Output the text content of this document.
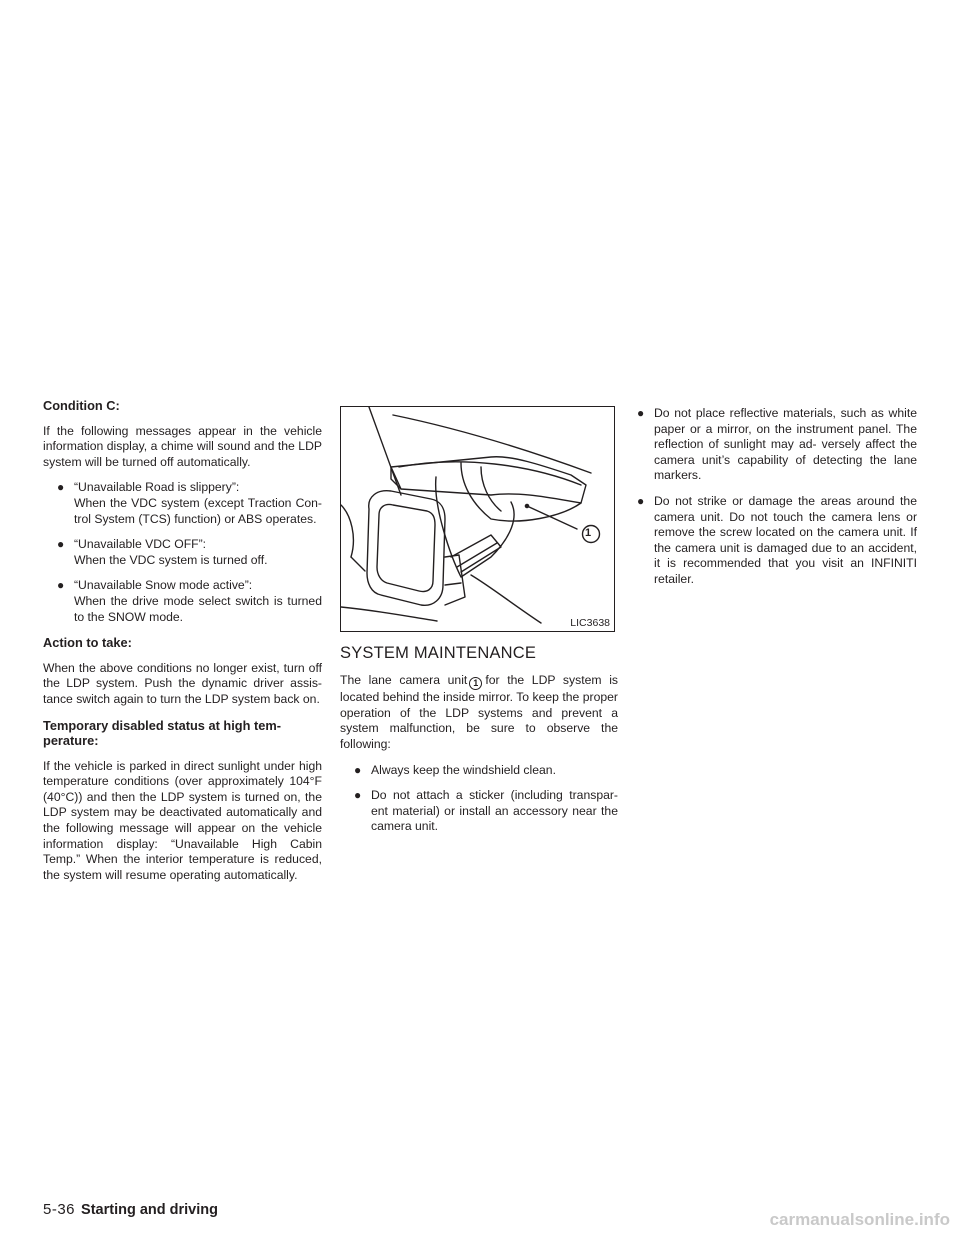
Condition C:

If the following messages appear in the vehicle information display, a chime will sound and the LDP system will be turned off automatically.

● “Unavailable Road is slippery”:
When the VDC system (except Traction Con- trol System (TCS) function) or ABS operates.
● “Unavailable VDC OFF”:
When the VDC system is turned off.
● “Unavailable Snow mode active”:
When the drive mode select switch is turned to the SNOW mode.

Action to take:

When the above conditions no longer exist, turn off the LDP system. Push the dynamic driver assis- tance switch again to turn the LDP system back on.

Temporary disabled status at high tem- perature:

If the vehicle is parked in direct sunlight under high temperature conditions (over approximately 104°F (40°C)) and then the LDP system is turned on, the LDP system may be deactivated automatically and the following message will appear on the vehicle information display: “Unavailable High Cabin Temp.” When the interior temperature is reduced, the system will resume operating automatically.

1
LIC3638
SYSTEM MAINTENANCE

The lane camera unit 1 for the LDP system is located behind the inside mirror. To keep the proper operation of the LDP systems and prevent a system malfunction, be sure to observe the following:

● Always keep the windshield clean.
● Do not attach a sticker (including transpar- ent material) or install an accessory near the camera unit.
● Do not place reflective materials, such as white paper or a mirror, on the instrument panel. The reflection of sunlight may ad- versely affect the camera unit’s capability of detecting the lane markers.
● Do not strike or damage the areas around the camera unit. Do not touch the camera lens or remove the screw located on the camera unit. If the camera unit is damaged due to an accident, it is recommended that you visit an INFINITI retailer.
5-36 Starting and driving	carmanualsonline.info
